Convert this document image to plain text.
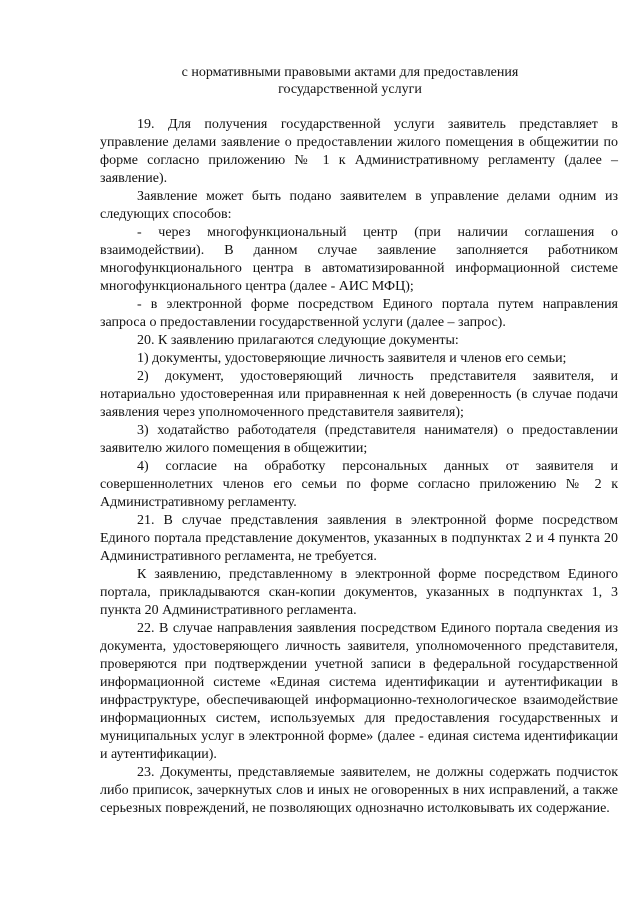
с нормативными правовыми актами для предоставления
государственной услуги

19. Для получения государственной услуги заявитель представляет в управление делами заявление о предоставлении жилого помещения в общежитии по форме согласно приложению № 1 к Административному регламенту (далее – заявление).

Заявление может быть подано заявителем в управление делами одним из следующих способов:

- через многофункциональный центр (при наличии соглашения о взаимодействии). В данном случае заявление заполняется работником многофункционального центра в автоматизированной информационной системе многофункционального центра (далее - АИС МФЦ);

- в электронной форме посредством Единого портала путем направления запроса о предоставлении государственной услуги (далее – запрос).

20. К заявлению прилагаются следующие документы:

1) документы, удостоверяющие личность заявителя и членов его семьи;

2) документ, удостоверяющий личность представителя заявителя, и нотариально удостоверенная или приравненная к ней доверенность (в случае подачи заявления через уполномоченного представителя заявителя);

3) ходатайство работодателя (представителя нанимателя) о предоставлении заявителю жилого помещения в общежитии;

4) согласие на обработку персональных данных от заявителя и совершеннолетних членов его семьи по форме согласно приложению № 2 к Административному регламенту.

21. В случае представления заявления в электронной форме посредством Единого портала представление документов, указанных в подпунктах 2 и 4 пункта 20 Административного регламента, не требуется.

К заявлению, представленному в электронной форме посредством Единого портала, прикладываются скан-копии документов, указанных в подпунктах 1, 3 пункта 20 Административного регламента.

22. В случае направления заявления посредством Единого портала сведения из документа, удостоверяющего личность заявителя, уполномоченного представителя, проверяются при подтверждении учетной записи в федеральной государственной информационной системе «Единая система идентификации и аутентификации в инфраструктуре, обеспечивающей информационно-технологическое взаимодействие информационных систем, используемых для предоставления государственных и муниципальных услуг в электронной форме» (далее - единая система идентификации и аутентификации).

23. Документы, представляемые заявителем, не должны содержать подчисток либо приписок, зачеркнутых слов и иных не оговоренных в них исправлений, а также серьезных повреждений, не позволяющих однозначно истолковывать их содержание.
